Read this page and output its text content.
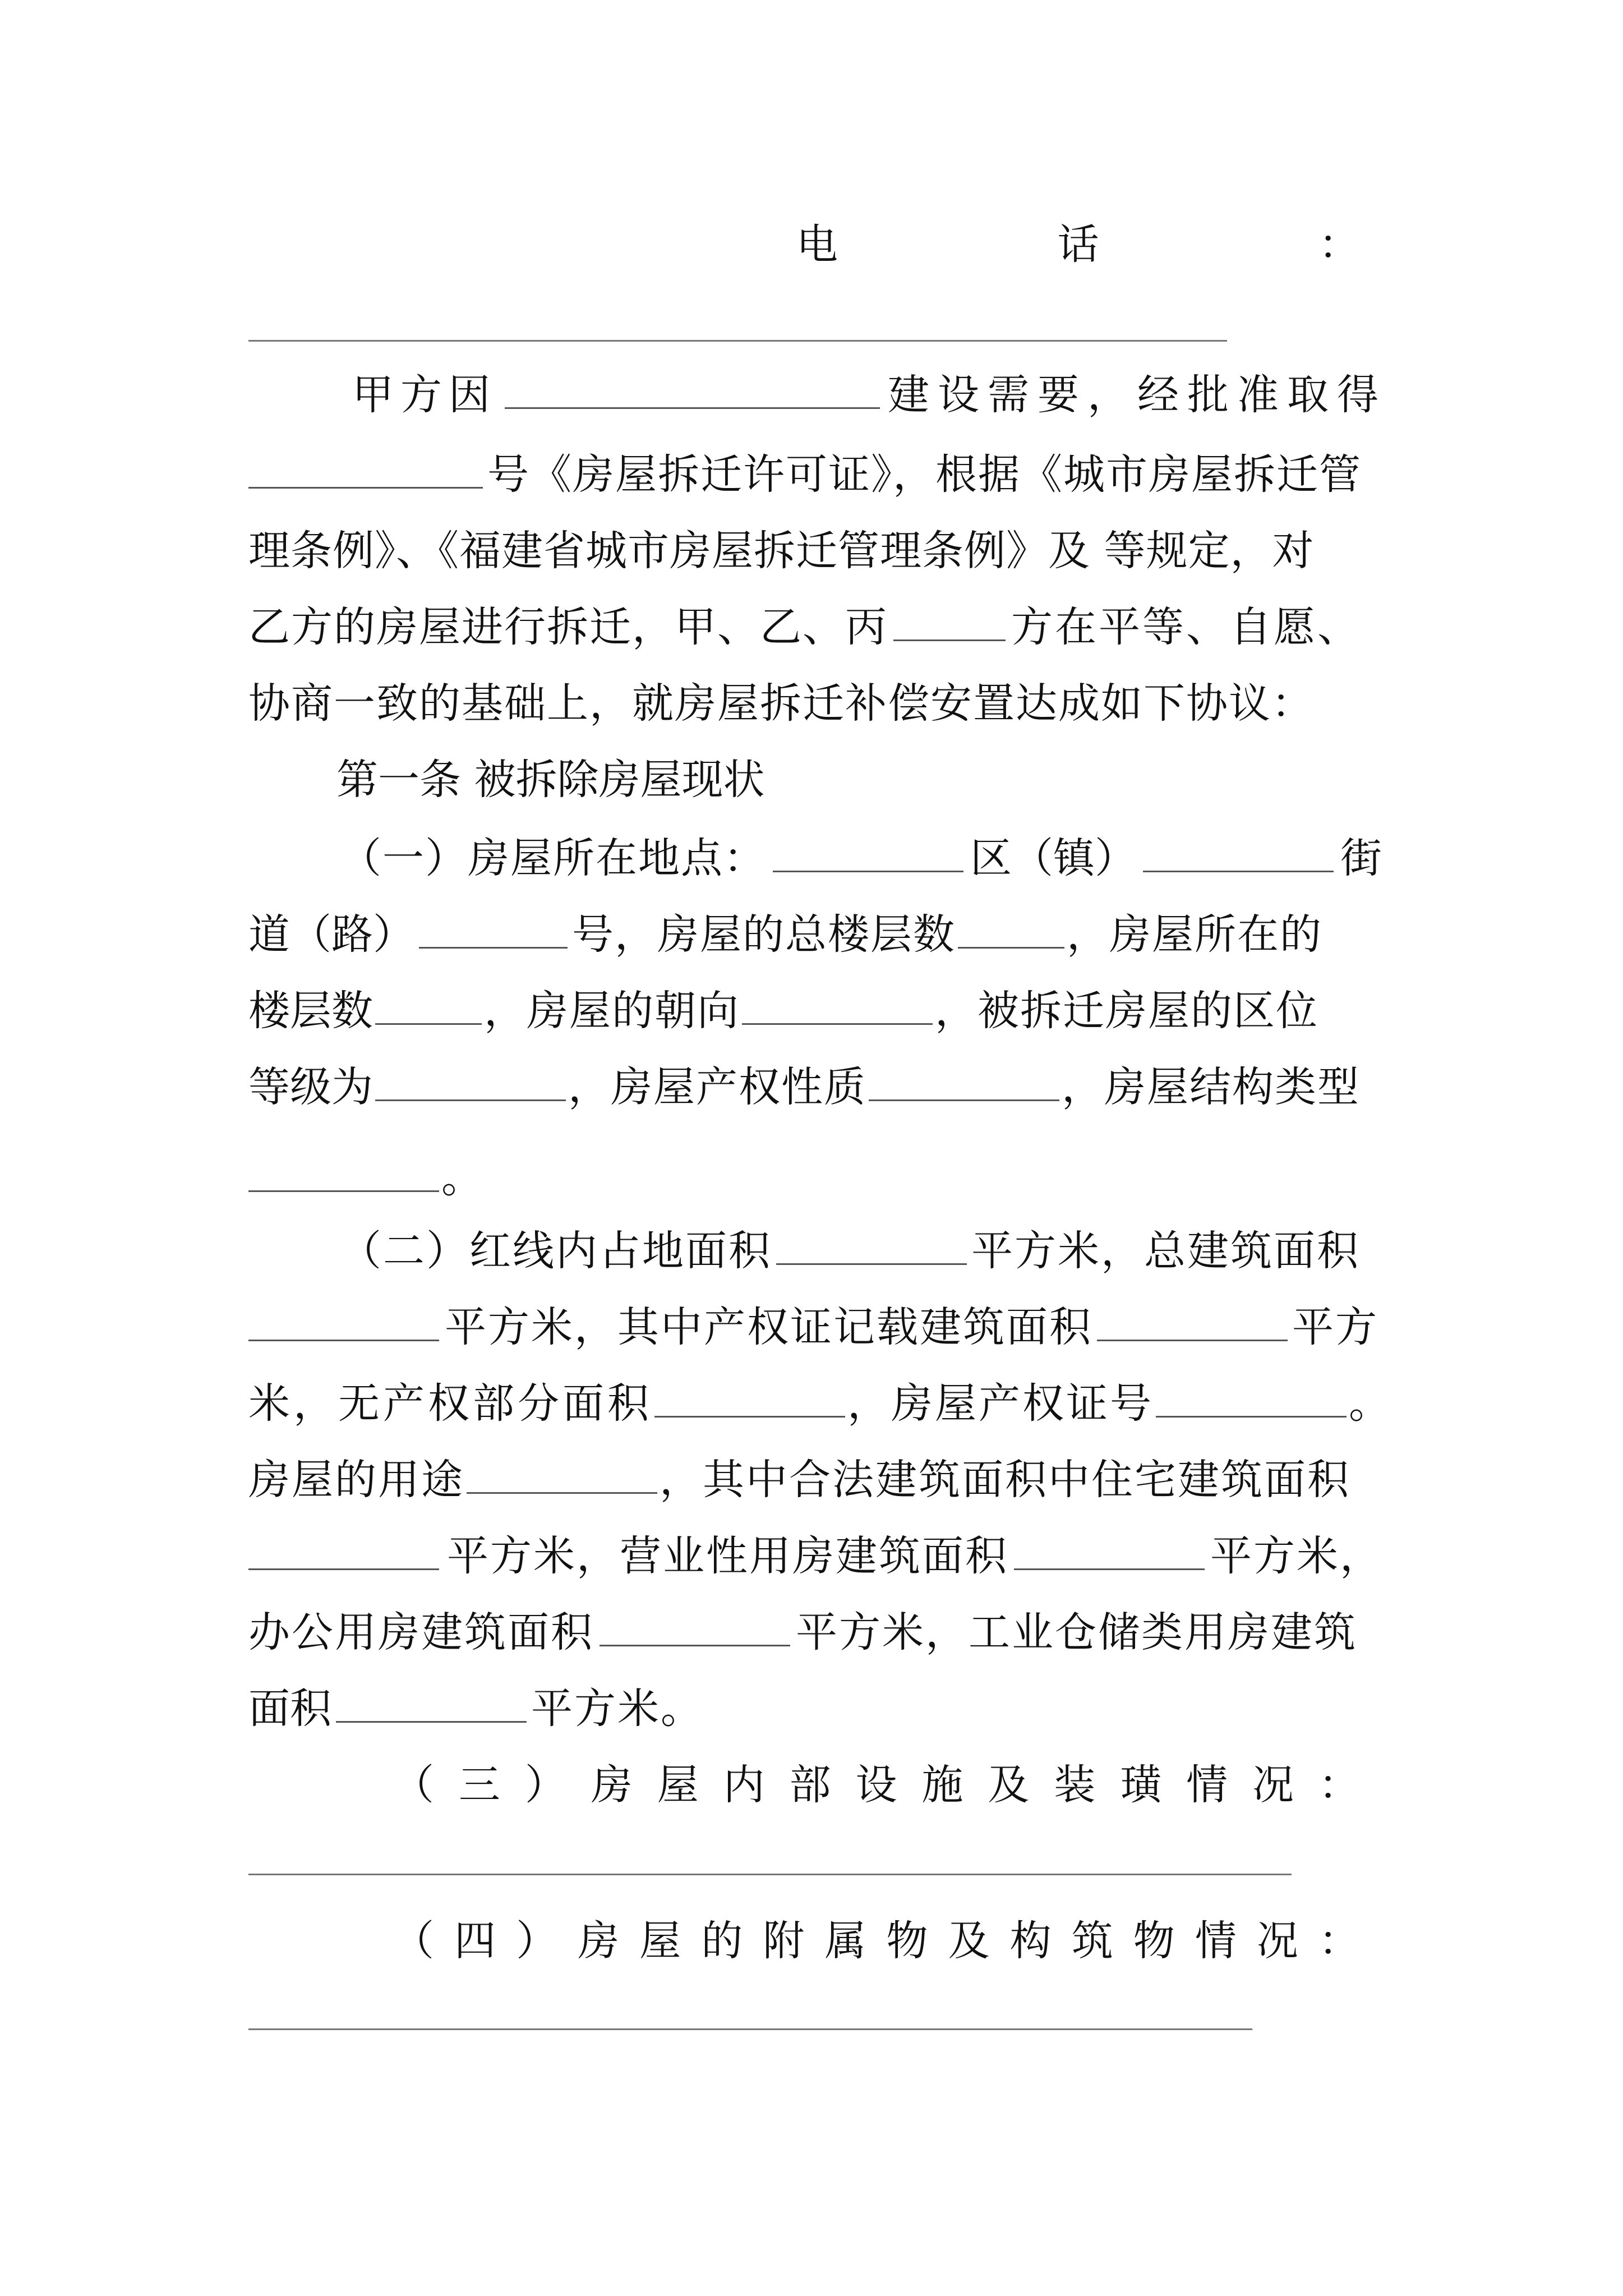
电	话	：
甲方因	建设需要，经批准取得
号《房屋拆迁许可证》，根据《城市房屋拆迁管
理条例》、《福建省城市房屋拆迁管理条例》及 等规定，对
乙方的房屋进行拆迁，甲、乙、丙	方在平等、自愿、
协商一致的基础上，就房屋拆迁补偿安置达成如下协议：
第一条 被拆除房屋现状
（一）房屋所在地点：	区（镇）	街
道（路）	号，房屋的总楼层数	，房屋所在的
楼层数	，房屋的朝向	，被拆迁房屋的区位
等级为	，房屋产权性质	，房屋结构类型
。
（二）红线内占地面积	平方米，总建筑面积
平方米，其中产权证记载建筑面积	平方
米，无产权部分面积	，房屋产权证号	。
房屋的用途	，其中合法建筑面积中住宅建筑面积
平方米，营业性用房建筑面积	平方米，
办公用房建筑面积	平方米，工业仓储类用房建筑
面积	平方米。
（ 三 ） 房 屋 内 部 设 施 及 装 璜 情 况 ：
（ 四 ） 房 屋 的 附 属 物 及 构 筑 物 情 况 ：
